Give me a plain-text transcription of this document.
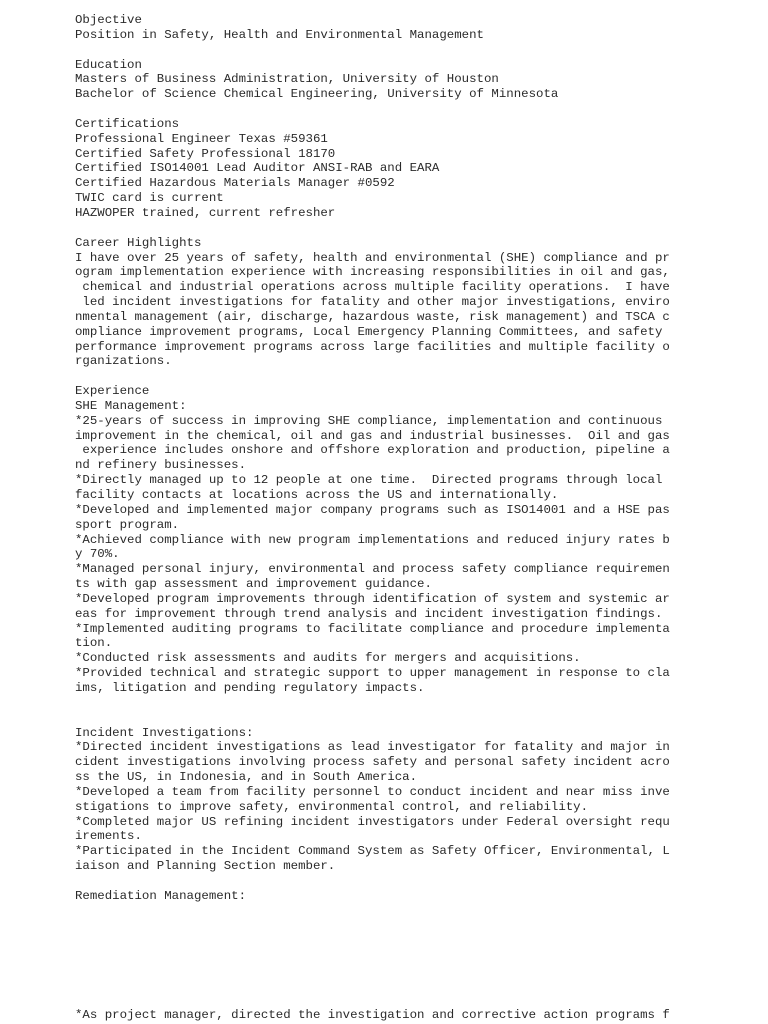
Objective
Position in Safety, Health and Environmental Management
Education
Masters of Business Administration, University of Houston
Bachelor of Science Chemical Engineering, University of Minnesota
Certifications
Professional Engineer Texas #59361
Certified Safety Professional 18170
Certified ISO14001 Lead Auditor ANSI-RAB and EARA
Certified Hazardous Materials Manager #0592
TWIC card is current
HAZWOPER trained, current refresher
Career Highlights
I have over 25 years of safety, health and environmental (SHE) compliance and pr
ogram implementation experience with increasing responsibilities in oil and gas,
chemical and industrial operations across multiple facility operations.  I have
led incident investigations for fatality and other major investigations, enviro
nmental management (air, discharge, hazardous waste, risk management) and TSCA c
ompliance improvement programs, Local Emergency Planning Committees, and safety
performance improvement programs across large facilities and multiple facility o
rganizations.
Experience
SHE Management:
*25-years of success in improving SHE compliance, implementation and continuous
improvement in the chemical, oil and gas and industrial businesses.  Oil and gas
experience includes onshore and offshore exploration and production, pipeline a
nd refinery businesses.
*Directly managed up to 12 people at one time.  Directed programs through local
facility contacts at locations across the US and internationally.
*Developed and implemented major company programs such as ISO14001 and a HSE pas
sport program.
*Achieved compliance with new program implementations and reduced injury rates b
y 70%.
*Managed personal injury, environmental and process safety compliance requiremen
ts with gap assessment and improvement guidance.
*Developed program improvements through identification of system and systemic ar
eas for improvement through trend analysis and incident investigation findings.
*Implemented auditing programs to facilitate compliance and procedure implementa
tion.
*Conducted risk assessments and audits for mergers and acquisitions.
*Provided technical and strategic support to upper management in response to cla
ims, litigation and pending regulatory impacts.
Incident Investigations:
*Directed incident investigations as lead investigator for fatality and major in
cident investigations involving process safety and personal safety incident acro
ss the US, in Indonesia, and in South America.
*Developed a team from facility personnel to conduct incident and near miss inve
stigations to improve safety, environmental control, and reliability.
*Completed major US refining incident investigators under Federal oversight requ
irements.
*Participated in the Incident Command System as Safety Officer, Environmental, L
iaison and Planning Section member.
Remediation Management:
*As project manager, directed the investigation and corrective action programs f
